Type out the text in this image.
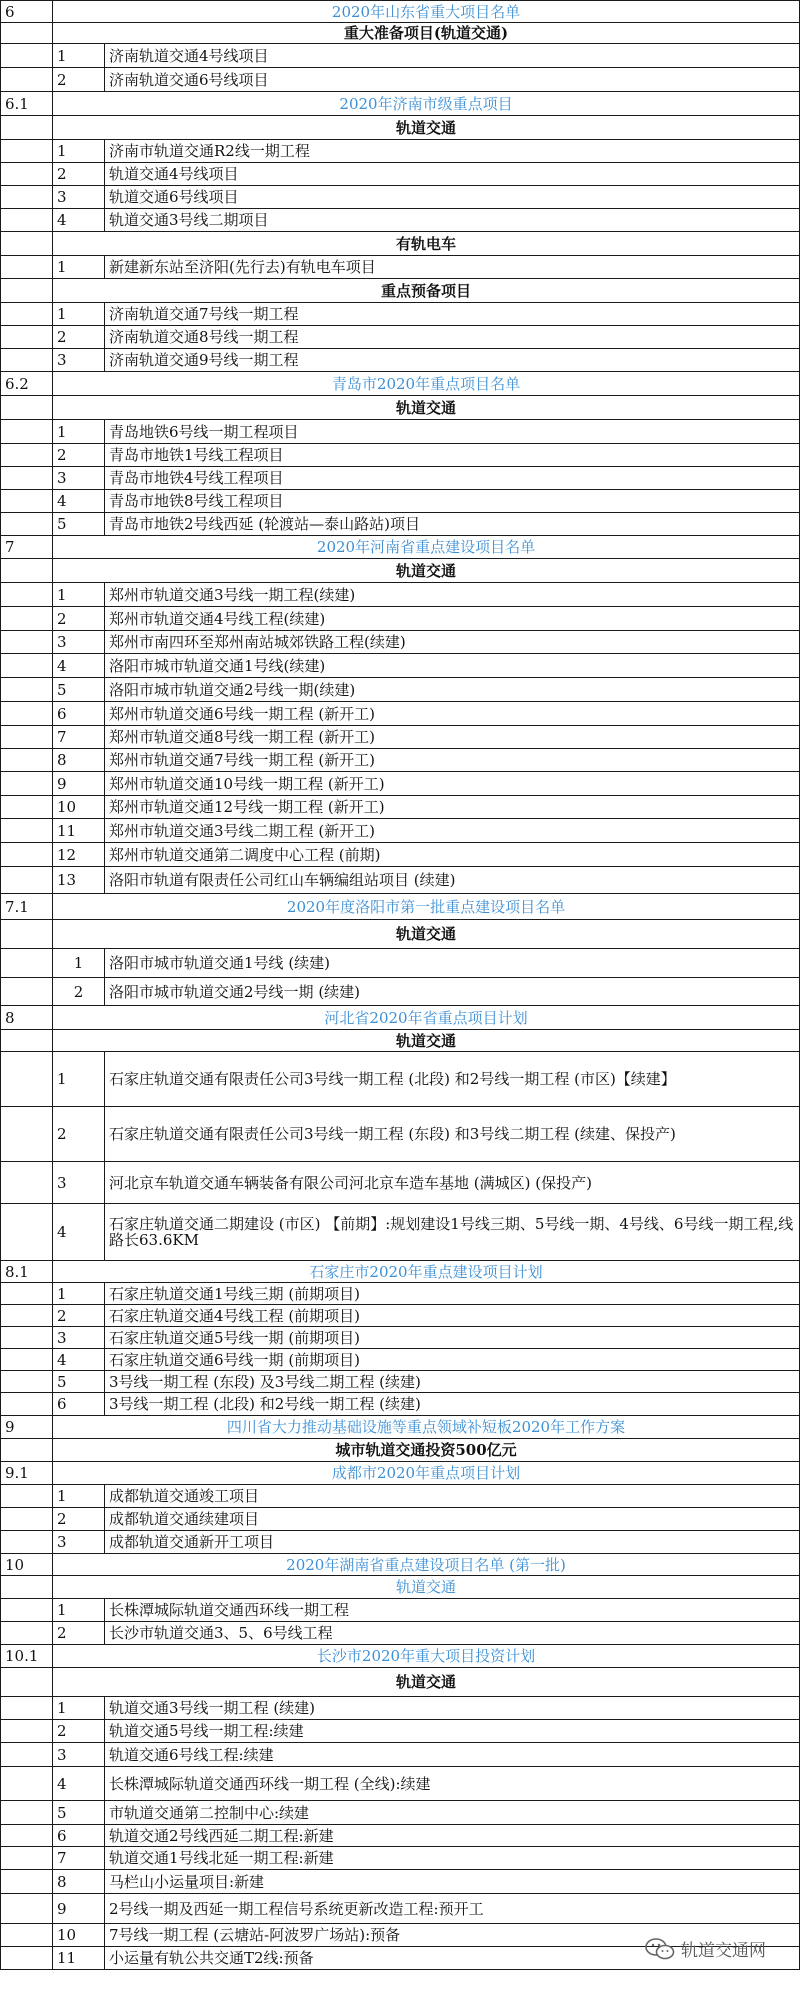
6	2020年山东省重大项目名单	
	重大准备项目(轨道交通)	
	1	济南轨道交通4号线项目
	2	济南轨道交通6号线项目
6.1	2020年济南市级重点项目	
	轨道交通	
	1	济南市轨道交通R2线一期工程
	2	轨道交通4号线项目
	3	轨道交通6号线项目
	4	轨道交通3号线二期项目
	有轨电车	
	1	新建新东站至济阳(先行去)有轨电车项目
	重点预备项目	
	1	济南轨道交通7号线一期工程
	2	济南轨道交通8号线一期工程
	3	济南轨道交通9号线一期工程
6.2	青岛市2020年重点项目名单	
	轨道交通	
	1	青岛地铁6号线一期工程项目
	2	青岛市地铁1号线工程项目
	3	青岛市地铁4号线工程项目
	4	青岛市地铁8号线工程项目
	5	青岛市地铁2号线西延 (轮渡站—泰山路站)项目
7	2020年河南省重点建设项目名单	
	轨道交通	
	1	郑州市轨道交通3号线一期工程(续建)
	2	郑州市轨道交通4号线工程(续建)
	3	郑州市南四环至郑州南站城郊铁路工程(续建)
	4	洛阳市城市轨道交通1号线(续建)
	5	洛阳市城市轨道交通2号线一期(续建)
	6	郑州市轨道交通6号线一期工程 (新开工)
	7	郑州市轨道交通8号线一期工程 (新开工)
	8	郑州市轨道交通7号线一期工程 (新开工)
	9	郑州市轨道交通10号线一期工程 (新开工)
	10	郑州市轨道交通12号线一期工程 (新开工)
	11	郑州市轨道交通3号线二期工程 (新开工)
	12	郑州市轨道交通第二调度中心工程 (前期)
	13	洛阳市轨道有限责任公司红山车辆编组站项目 (续建)
7.1	2020年度洛阳市第一批重点建设项目名单	
	轨道交通	
	1	洛阳市城市轨道交通1号线 (续建)
	2	洛阳市城市轨道交通2号线一期 (续建)
8	河北省2020年省重点项目计划	
	轨道交通	
	1	石家庄轨道交通有限责任公司3号线一期工程 (北段) 和2号线一期工程 (市区)【续建】
	2	石家庄轨道交通有限责任公司3号线一期工程 (东段) 和3号线二期工程 (续建、保投产)
	3	河北京车轨道交通车辆装备有限公司河北京车造车基地 (满城区) (保投产)
	4	石家庄轨道交通二期建设 (市区) 【前期】:规划建设1号线三期、5号线一期、4号线、6号线一期工程,线路长63.6KM
8.1	石家庄市2020年重点建设项目计划	
	1	石家庄轨道交通1号线三期 (前期项目)
	2	石家庄轨道交通4号线工程 (前期项目)
	3	石家庄轨道交通5号线一期 (前期项目)
	4	石家庄轨道交通6号线一期 (前期项目)
	5	3号线一期工程 (东段) 及3号线二期工程 (续建)
	6	3号线一期工程 (北段) 和2号线一期工程 (续建)
9	四川省大力推动基础设施等重点领域补短板2020年工作方案	
	城市轨道交通投资500亿元	
9.1	成都市2020年重点项目计划	
	1	成都轨道交通竣工项目
	2	成都轨道交通续建项目
	3	成都轨道交通新开工项目
10	2020年湖南省重点建设项目名单 (第一批)	
	轨道交通	
	1	长株潭城际轨道交通西环线一期工程
	2	长沙市轨道交通3、5、6号线工程
10.1	长沙市2020年重大项目投资计划	
	轨道交通	
	1	轨道交通3号线一期工程 (续建)
	2	轨道交通5号线一期工程:续建
	3	轨道交通6号线工程:续建
	4	长株潭城际轨道交通西环线一期工程 (全线):续建
	5	市轨道交通第二控制中心:续建
	6	轨道交通2号线西延二期工程:新建
	7	轨道交通1号线北延一期工程:新建
	8	马栏山小运量项目:新建
	9	2号线一期及西延一期工程信号系统更新改造工程:预开工
	10	7号线一期工程 (云塘站-阿波罗广场站):预备
	11	小运量有轨公共交通T2线:预备	轨道交通网
